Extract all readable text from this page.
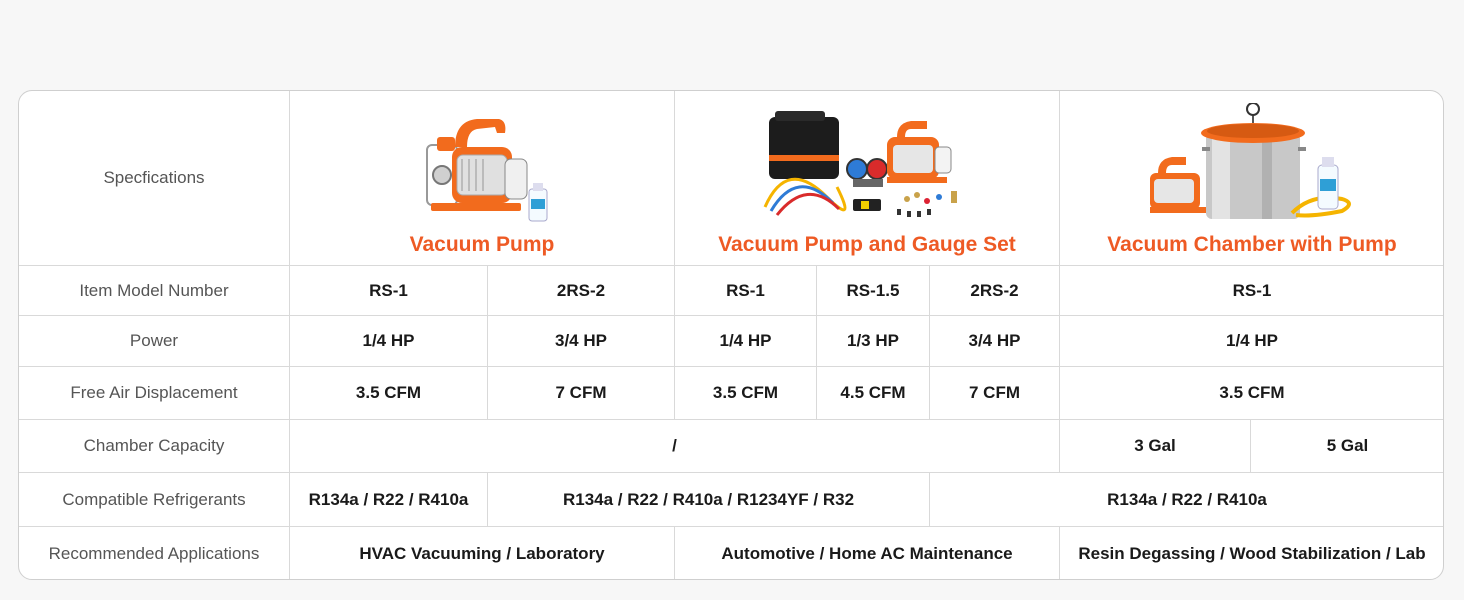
Specfications
Vacuum Pump	Vacuum Pump and Gauge Set	Vacuum Chamber with Pump
Item Model Number	RS-1	2RS-2	RS-1	RS-1.5	2RS-2	RS-1
Power	1/4 HP	3/4 HP	1/4 HP	1/3 HP	3/4 HP	1/4 HP
Free Air Displacement	3.5 CFM	7 CFM	3.5 CFM	4.5 CFM	7 CFM	3.5 CFM
Chamber Capacity	/	3 Gal	5 Gal
Compatible Refrigerants	R134a / R22 / R410a	R134a / R22 / R410a / R1234YF / R32	R134a / R22 / R410a
Recommended Applications	HVAC Vacuuming / Laboratory	Automotive / Home AC Maintenance	Resin Degassing / Wood Stabilization / Lab
